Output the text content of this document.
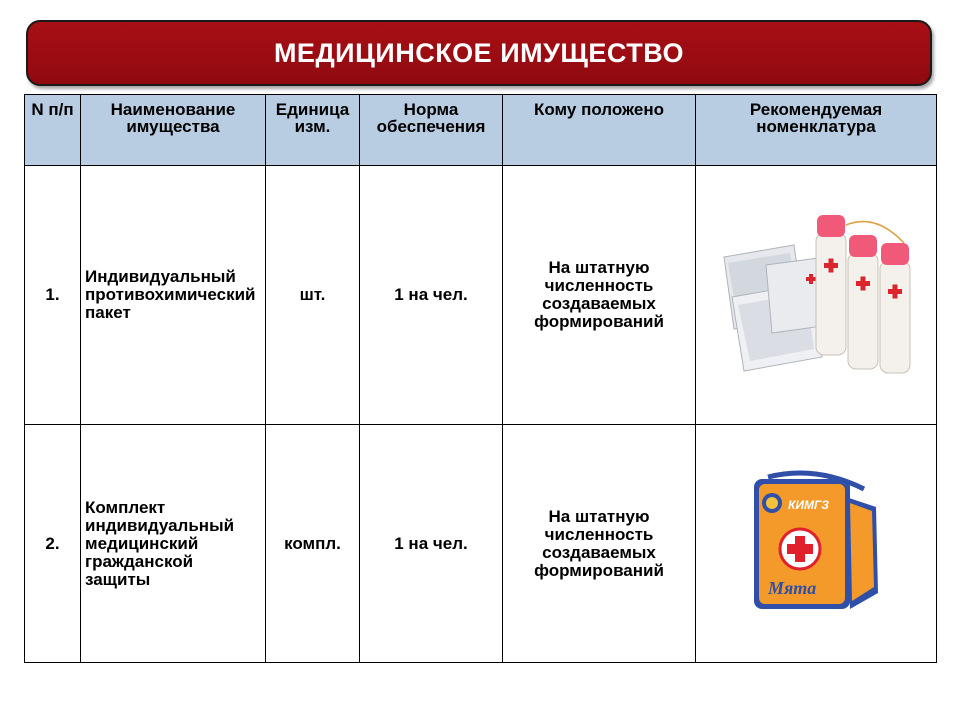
МЕДИЦИНСКОЕ ИМУЩЕСТВО
N п/п	Наименование имущества	Единица изм.	Норма обеспечения	Кому положено	Рекомендуемая номенклатура
1.	Индивидуальный противохимический пакет	шт.	1 на чел.	На штатную численность создаваемых формирований	

2.	Комплект индивидуальный медицинский гражданской защиты	компл.	1 на чел.	На штатную численность создаваемых формирований	КИМГЗ
Мята
